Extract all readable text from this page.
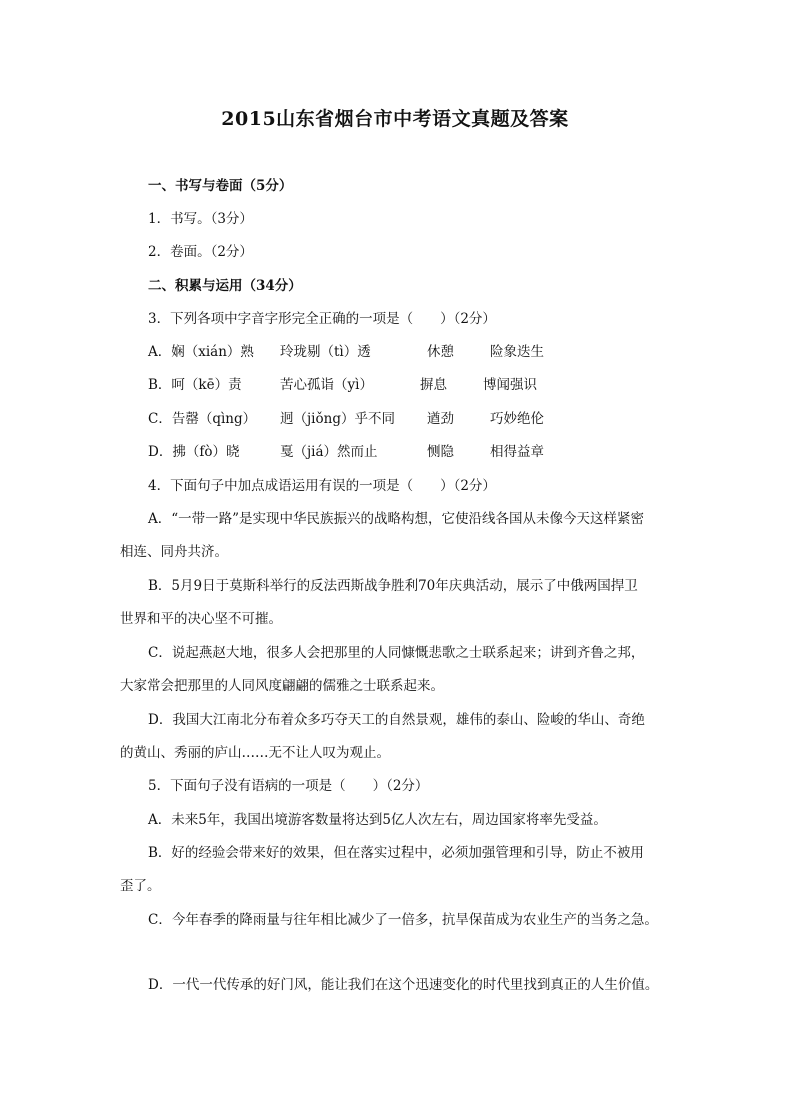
2015山东省烟台市中考语文真题及答案
一、书写与卷面（5分）
1．书写。（3分）
2．卷面。（2分）
二、积累与运用（34分）
3．下列各项中字音字形完全正确的一项是（　　）（2分）
A．娴（xián）熟 玲珑剔（tì）透	休憩	险象迭生
B．呵（kē）责	苦心孤诣（yì）	摒息	博闻强识
C．告罄（qìng） 迥（jiǒng）乎不同 遒劲	巧妙绝伦
D．拂（fò）晓	戛（jiá）然而止	恻隐	相得益章
4．下面句子中加点成语运用有误的一项是（　　）（2分）
A．“一带一路”是实现中华民族振兴的战略构想，它使沿线各国从未像今天这样紧密
相连、同舟共济。
B．5月9日于莫斯科举行的反法西斯战争胜利70年庆典活动，展示了中俄两国捍卫
世界和平的决心坚不可摧。
C．说起燕赵大地，很多人会把那里的人同慷慨悲歌之士联系起来；讲到齐鲁之邦，
大家常会把那里的人同风度翩翩的儒雅之士联系起来。
D．我国大江南北分布着众多巧夺天工的自然景观，雄伟的泰山、险峻的华山、奇绝
的黄山、秀丽的庐山……无不让人叹为观止。
5．下面句子没有语病的一项是（　　）（2分）
A．未来5年，我国出境游客数量将达到5亿人次左右，周边国家将率先受益。
B．好的经验会带来好的效果，但在落实过程中，必须加强管理和引导，防止不被用
歪了。
C．今年春季的降雨量与往年相比减少了一倍多，抗旱保苗成为农业生产的当务之急。
D．一代一代传承的好门风，能让我们在这个迅速变化的时代里找到真正的人生价值。
